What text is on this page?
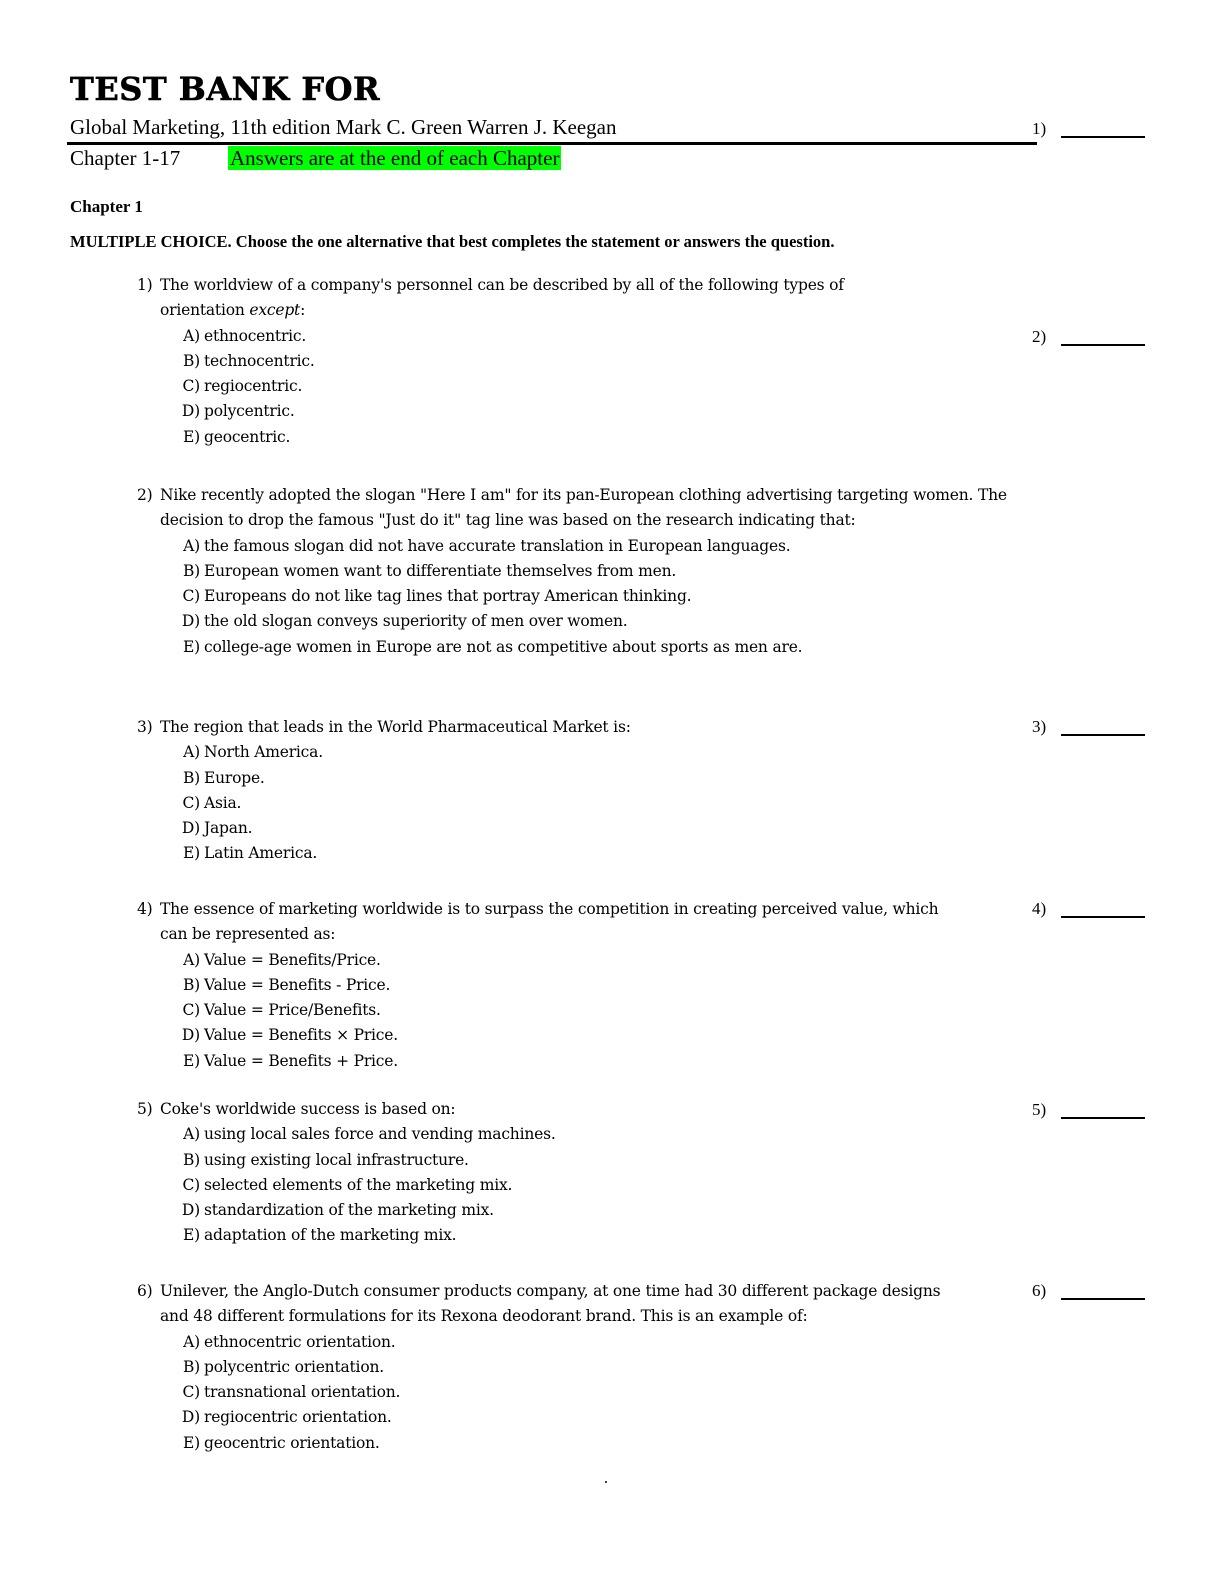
TEST BANK FOR
Global Marketing, 11th edition Mark C. Green Warren J. Keegan
Chapter 1-17 Answers are at the end of each Chapter
Chapter 1
MULTIPLE CHOICE. Choose the one alternative that best completes the statement or answers the question.
1)
2)
3)
4)
5)
6)
1) The worldview of a company's personnel can be described by all of the following types of orientation except:
A) ethnocentric.
B) technocentric.
C) regiocentric.
D) polycentric.
E) geocentric.
2) Nike recently adopted the slogan "Here I am" for its pan-European clothing advertising targeting women. The decision to drop the famous "Just do it" tag line was based on the research indicating that:
A) the famous slogan did not have accurate translation in European languages.
B) European women want to differentiate themselves from men.
C) Europeans do not like tag lines that portray American thinking.
D) the old slogan conveys superiority of men over women.
E) college-age women in Europe are not as competitive about sports as men are.
3) The region that leads in the World Pharmaceutical Market is:
A) North America.
B) Europe.
C) Asia.
D) Japan.
E) Latin America.
4) The essence of marketing worldwide is to surpass the competition in creating perceived value, which can be represented as:
A) Value = Benefits/Price.
B) Value = Benefits - Price.
C) Value = Price/Benefits.
D) Value = Benefits × Price.
E) Value = Benefits + Price.
5) Coke's worldwide success is based on:
A) using local sales force and vending machines.
B) using existing local infrastructure.
C) selected elements of the marketing mix.
D) standardization of the marketing mix.
E) adaptation of the marketing mix.
6) Unilever, the Anglo-Dutch consumer products company, at one time had 30 different package designs and 48 different formulations for its Rexona deodorant brand. This is an example of:
A) ethnocentric orientation.
B) polycentric orientation.
C) transnational orientation.
D) regiocentric orientation.
E) geocentric orientation.
